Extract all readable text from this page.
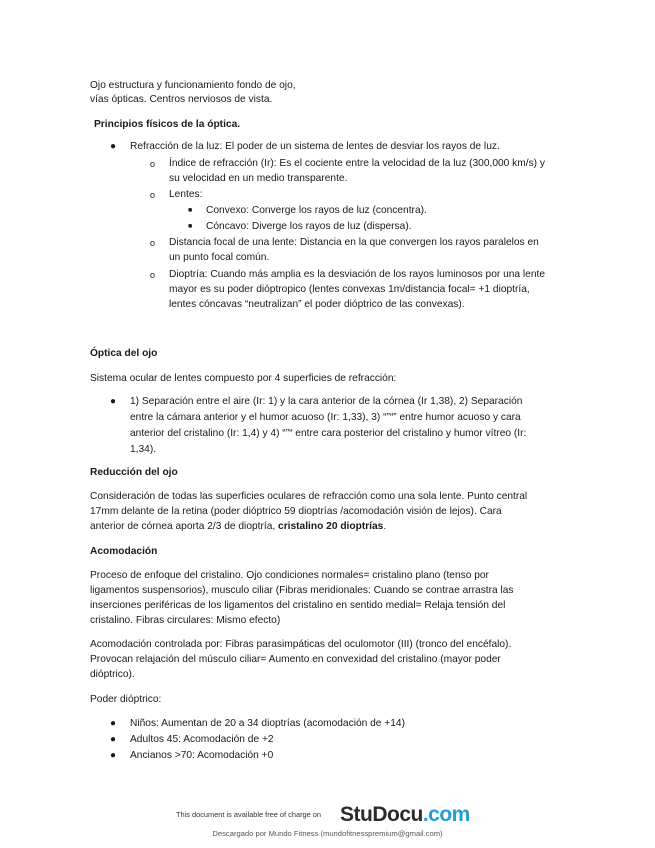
Ojo estructura y funcionamiento fondo de ojo,
vías ópticas. Centros nerviosos de vista.
Principios físicos de la óptica.
● Refracción de la luz: El poder de un sistema de lentes de desviar los rayos de luz.
o Índice de refracción (Ir): Es el cociente entre la velocidad de la luz (300,000 km/s) y
su velocidad en un medio transparente.
o Lentes:
■ Convexo: Converge los rayos de luz (concentra).
■ Cóncavo: Diverge los rayos de luz (dispersa).
o Distancia focal de una lente: Distancia en la que convergen los rayos paralelos en
un punto focal común.
o Dioptría: Cuando más amplia es la desviación de los rayos luminosos por una lente
mayor es su poder dióptropico (lentes convexas 1m/distancia focal= +1 dioptría,
lentes cóncavas “neutralizan” el poder dióptrico de las convexas).
Óptica del ojo
Sistema ocular de lentes compuesto por 4 superficies de refracción:
● 1) Separación entre el aire (Ir: 1) y la cara anterior de la córnea (Ir 1,38), 2) Separación
entre la cámara anterior y el humor acuoso (Ir: 1,33), 3) “”“” entre humor acuoso y cara
anterior del cristalino (Ir: 1,4) y 4) “”“ entre cara posterior del cristalino y humor vítreo (Ir:
1,34).
Reducción del ojo
Consideración de todas las superficies oculares de refracción como una sola lente. Punto central
17mm delante de la retina (poder dióptrico 59 dioptrías /acomodación visión de lejos). Cara
anterior de córnea aporta 2/3 de dioptría, cristalino 20 dioptrías.
Acomodación
Proceso de enfoque del cristalino. Ojo condiciones normales= cristalino plano (tenso por
ligamentos suspensorios), musculo ciliar (Fibras meridionales: Cuando se contrae arrastra las
inserciones periféricas de los ligamentos del cristalino en sentido medial= Relaja tensión del
cristalino. Fibras circulares: Mismo efecto)
Acomodación controlada por: Fibras parasimpáticas del oculomotor (III) (tronco del encéfalo).
Provocan relajación del músculo ciliar= Aumento en convexidad del cristalino (mayor poder
dióptrico).
Poder dióptrico:
● Niños: Aumentan de 20 a 34 dioptrías (acomodación de +14)
● Adultos 45: Acomodación de +2
● Ancianos >70: Acomodación +0
This document is available free of charge on StuDocu.com
Descargado por Mundo Fitness (mundofitnesspremium@gmail.com)
